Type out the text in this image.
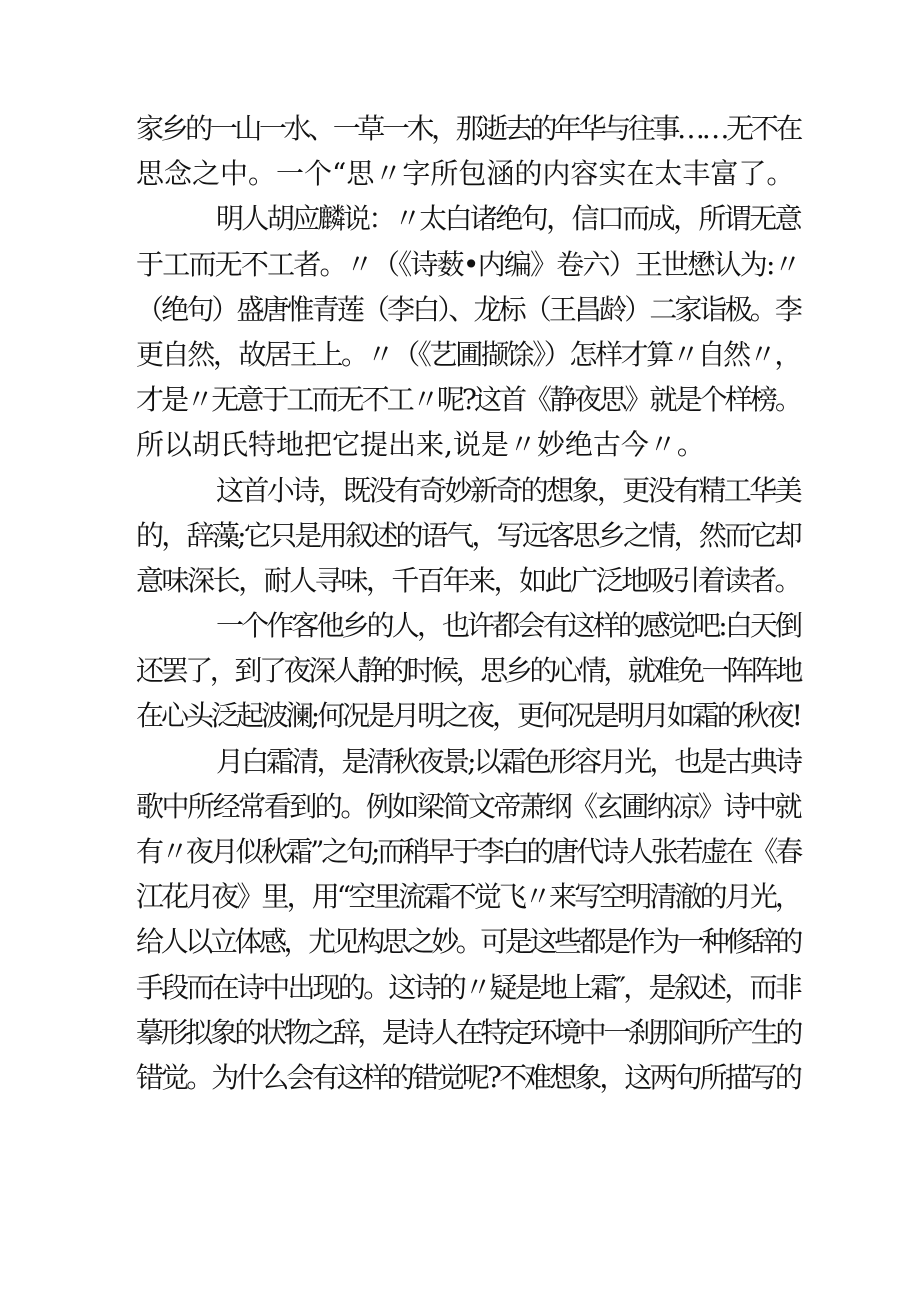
家乡的一山一水、一草一木，那逝去的年华与往事……无不在
思念之中。一个“思〃字所包涵的内容实在太丰富了。
明人胡应麟说：〃太白诸绝句，信口而成，所谓无意
于工而无不工者。〃（《诗薮•内编》卷六）王世懋认为:〃
（绝句）盛唐惟青莲（李白）、龙标（王昌龄）二家诣极。李
更自然，故居王上。〃（《艺圃撷馀》）怎样才算〃自然〃，
才是〃无意于工而无不工〃呢?这首《静夜思》就是个样榜。
所以胡氏特地把它提出来,说是〃妙绝古今〃。
这首小诗，既没有奇妙新奇的想象，更没有精工华美
的，辞藻;它只是用叙述的语气，写远客思乡之情，然而它却
意味深长，耐人寻味，千百年来，如此广泛地吸引着读者。
一个作客他乡的人，也许都会有这样的感觉吧:白天倒
还罢了，到了夜深人静的时候，思乡的心情，就难免一阵阵地
在心头泛起波澜;何况是月明之夜，更何况是明月如霜的秋夜!
月白霜清，是清秋夜景;以霜色形容月光，也是古典诗
歌中所经常看到的。例如梁简文帝萧纲《玄圃纳凉》诗中就
有〃夜月似秋霜”之句;而稍早于李白的唐代诗人张若虚在《春
江花月夜》里，用“空里流霜不觉飞〃来写空明清澈的月光，
给人以立体感，尤见构思之妙。可是这些都是作为一种修辞的
手段而在诗中出现的。这诗的〃疑是地上霜″，是叙述，而非
摹形拟象的状物之辞，是诗人在特定环境中一刹那间所产生的
错觉。为什么会有这样的错觉呢?不难想象，这两句所描写的
